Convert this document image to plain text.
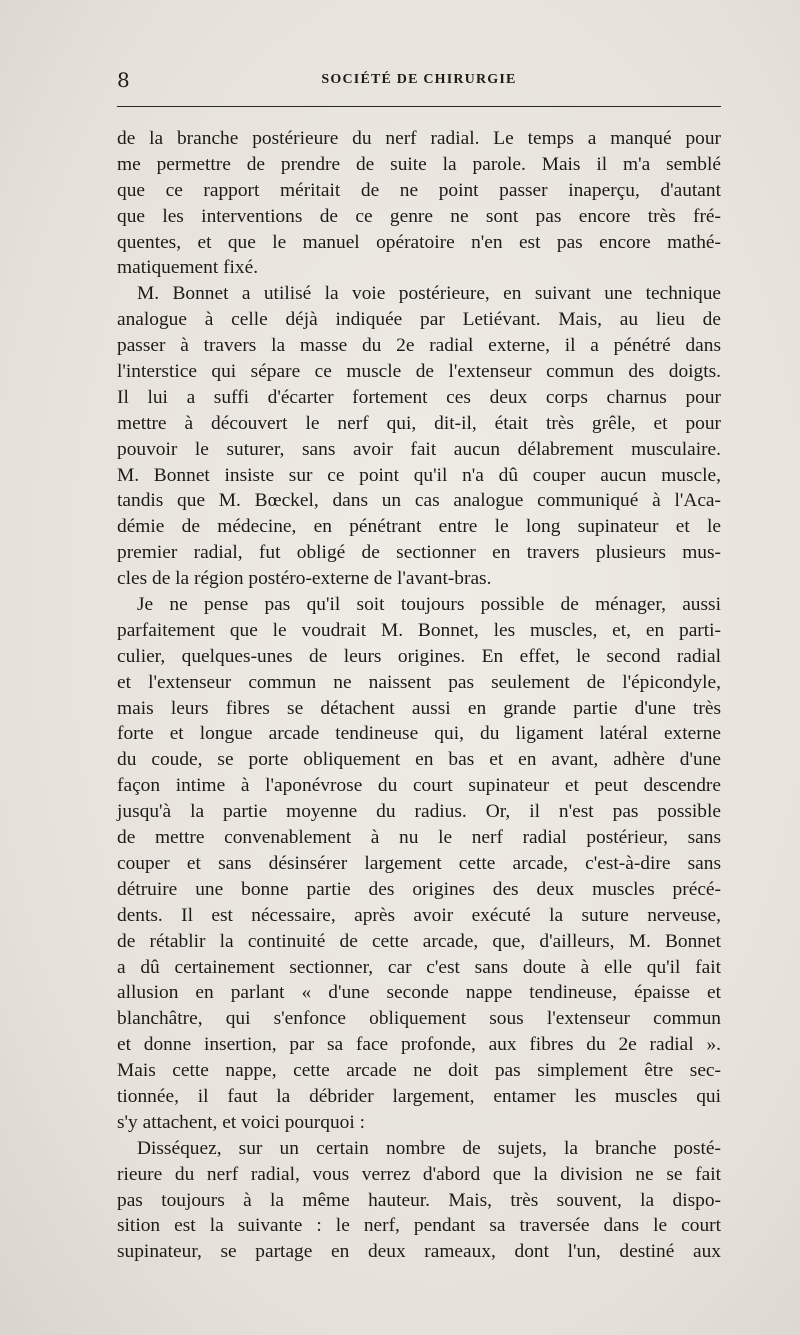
8	SOCIÉTÉ DE CHIRURGIE
de la branche postérieure du nerf radial. Le temps a manqué pour
me permettre de prendre de suite la parole. Mais il m'a semblé
que ce rapport méritait de ne point passer inaperçu, d'autant
que les interventions de ce genre ne sont pas encore très fré-
quentes, et que le manuel opératoire n'en est pas encore mathé-
matiquement fixé.
M. Bonnet a utilisé la voie postérieure, en suivant une technique
analogue à celle déjà indiquée par Letiévant. Mais, au lieu de
passer à travers la masse du 2e radial externe, il a pénétré dans
l'interstice qui sépare ce muscle de l'extenseur commun des doigts.
Il lui a suffi d'écarter fortement ces deux corps charnus pour
mettre à découvert le nerf qui, dit-il, était très grêle, et pour
pouvoir le suturer, sans avoir fait aucun délabrement musculaire.
M. Bonnet insiste sur ce point qu'il n'a dû couper aucun muscle,
tandis que M. Bœckel, dans un cas analogue communiqué à l'Aca-
démie de médecine, en pénétrant entre le long supinateur et le
premier radial, fut obligé de sectionner en travers plusieurs mus-
cles de la région postéro-externe de l'avant-bras.
Je ne pense pas qu'il soit toujours possible de ménager, aussi
parfaitement que le voudrait M. Bonnet, les muscles, et, en parti-
culier, quelques-unes de leurs origines. En effet, le second radial
et l'extenseur commun ne naissent pas seulement de l'épicondyle,
mais leurs fibres se détachent aussi en grande partie d'une très
forte et longue arcade tendineuse qui, du ligament latéral externe
du coude, se porte obliquement en bas et en avant, adhère d'une
façon intime à l'aponévrose du court supinateur et peut descendre
jusqu'à la partie moyenne du radius. Or, il n'est pas possible
de mettre convenablement à nu le nerf radial postérieur, sans
couper et sans désinsérer largement cette arcade, c'est-à-dire sans
détruire une bonne partie des origines des deux muscles précé-
dents. Il est nécessaire, après avoir exécuté la suture nerveuse,
de rétablir la continuité de cette arcade, que, d'ailleurs, M. Bonnet
a dû certainement sectionner, car c'est sans doute à elle qu'il fait
allusion en parlant « d'une seconde nappe tendineuse, épaisse et
blanchâtre, qui s'enfonce obliquement sous l'extenseur commun
et donne insertion, par sa face profonde, aux fibres du 2e radial ».
Mais cette nappe, cette arcade ne doit pas simplement être sec-
tionnée, il faut la débrider largement, entamer les muscles qui
s'y attachent, et voici pourquoi :
Disséquez, sur un certain nombre de sujets, la branche posté-
rieure du nerf radial, vous verrez d'abord que la division ne se fait
pas toujours à la même hauteur. Mais, très souvent, la dispo-
sition est la suivante : le nerf, pendant sa traversée dans le court
supinateur, se partage en deux rameaux, dont l'un, destiné aux
